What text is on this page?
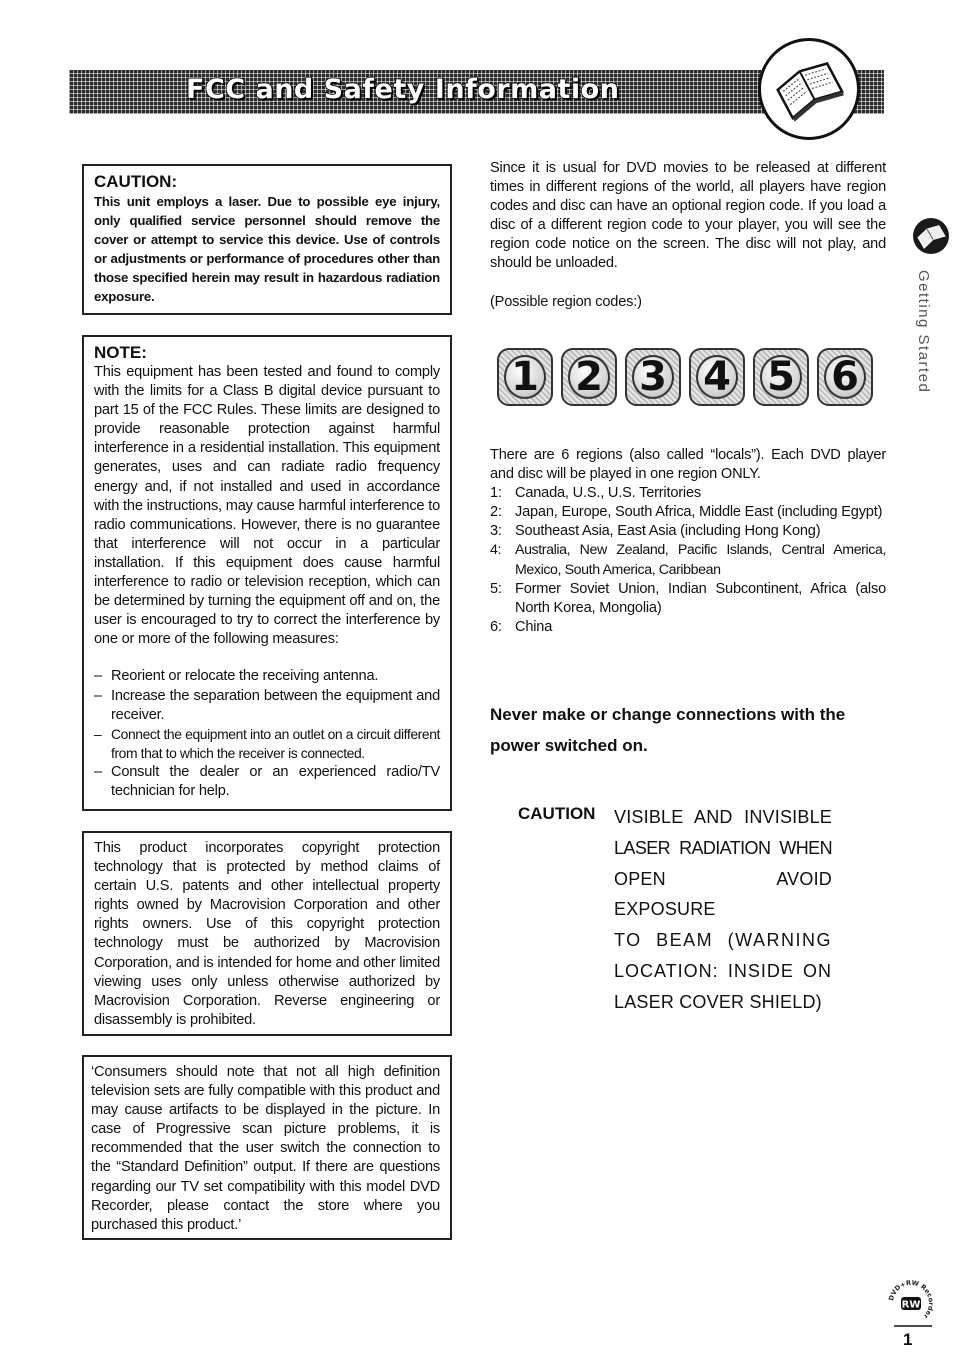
FCC and Safety Information

CAUTION:

This unit employs a laser. Due to possible eye injury, only qualified service personnel should remove the cover or attempt to service this device. Use of controls or adjustments or performance of procedures other than those specified herein may result in hazardous radiation exposure.

NOTE:

This equipment has been tested and found to comply with the limits for a Class B digital device pursuant to part 15 of the FCC Rules. These limits are designed to provide reasonable protection against harmful interference in a residential installation. This equipment generates, uses and can radiate radio frequency energy and, if not installed and used in accordance with the instructions, may cause harmful interference to radio communications. However, there is no guarantee that interference will not occur in a particular installation. If this equipment does cause harmful interference to radio or television reception, which can be determined by turning the equipment off and on, the user is encouraged to try to correct the interference by one or more of the following measures:

– Reorient or relocate the receiving antenna.
– Increase the separation between the equipment and receiver.
– Connect the equipment into an outlet on a circuit different from that to which the receiver is connected.
– Consult the dealer or an experienced radio/TV technician for help.

This product incorporates copyright protection technology that is protected by method claims of certain U.S. patents and other intellectual property rights owned by Macrovision Corporation and other rights owners. Use of this copyright protection technology must be authorized by Macrovision Corporation, and is intended for home and other limited viewing uses only unless otherwise authorized by Macrovision Corporation. Reverse engineering or disassembly is prohibited.

‘Consumers should note that not all high definition television sets are fully compatible with this product and may cause artifacts to be displayed in the picture. In case of Progressive scan picture problems, it is recommended that the user switch the connection to the “Standard Definition” output. If there are questions regarding our TV set compatibility with this model DVD Recorder, please contact the store where you purchased this product.’

Since it is usual for DVD movies to be released at different times in different regions of the world, all players have region codes and disc can have an optional region code. If you load a disc of a different region code to your player, you will see the region code notice on the screen. The disc will not play, and should be unloaded.

(Possible region codes:)

1 2 3 4 5 6

There are 6 regions (also called “locals”). Each DVD player and disc will be played in one region ONLY.

1: Canada, U.S., U.S. Territories
2: Japan, Europe, South Africa, Middle East (including Egypt)
3: Southeast Asia, East Asia (including Hong Kong)
4: Australia, New Zealand, Pacific Islands, Central America, Mexico, South America, Caribbean
5: Former Soviet Union, Indian Subcontinent, Africa (also North Korea, Mongolia)
6: China
Never make or change connections with the power switched on.
CAUTION VISIBLE AND INVISIBLE
LASER RADIATION WHEN
OPEN AVOID EXPOSURE
TO BEAM (WARNING
LOCATION: INSIDE ON
LASER COVER SHIELD)
Getting Started
DVD+RW Recorder
RW
1
